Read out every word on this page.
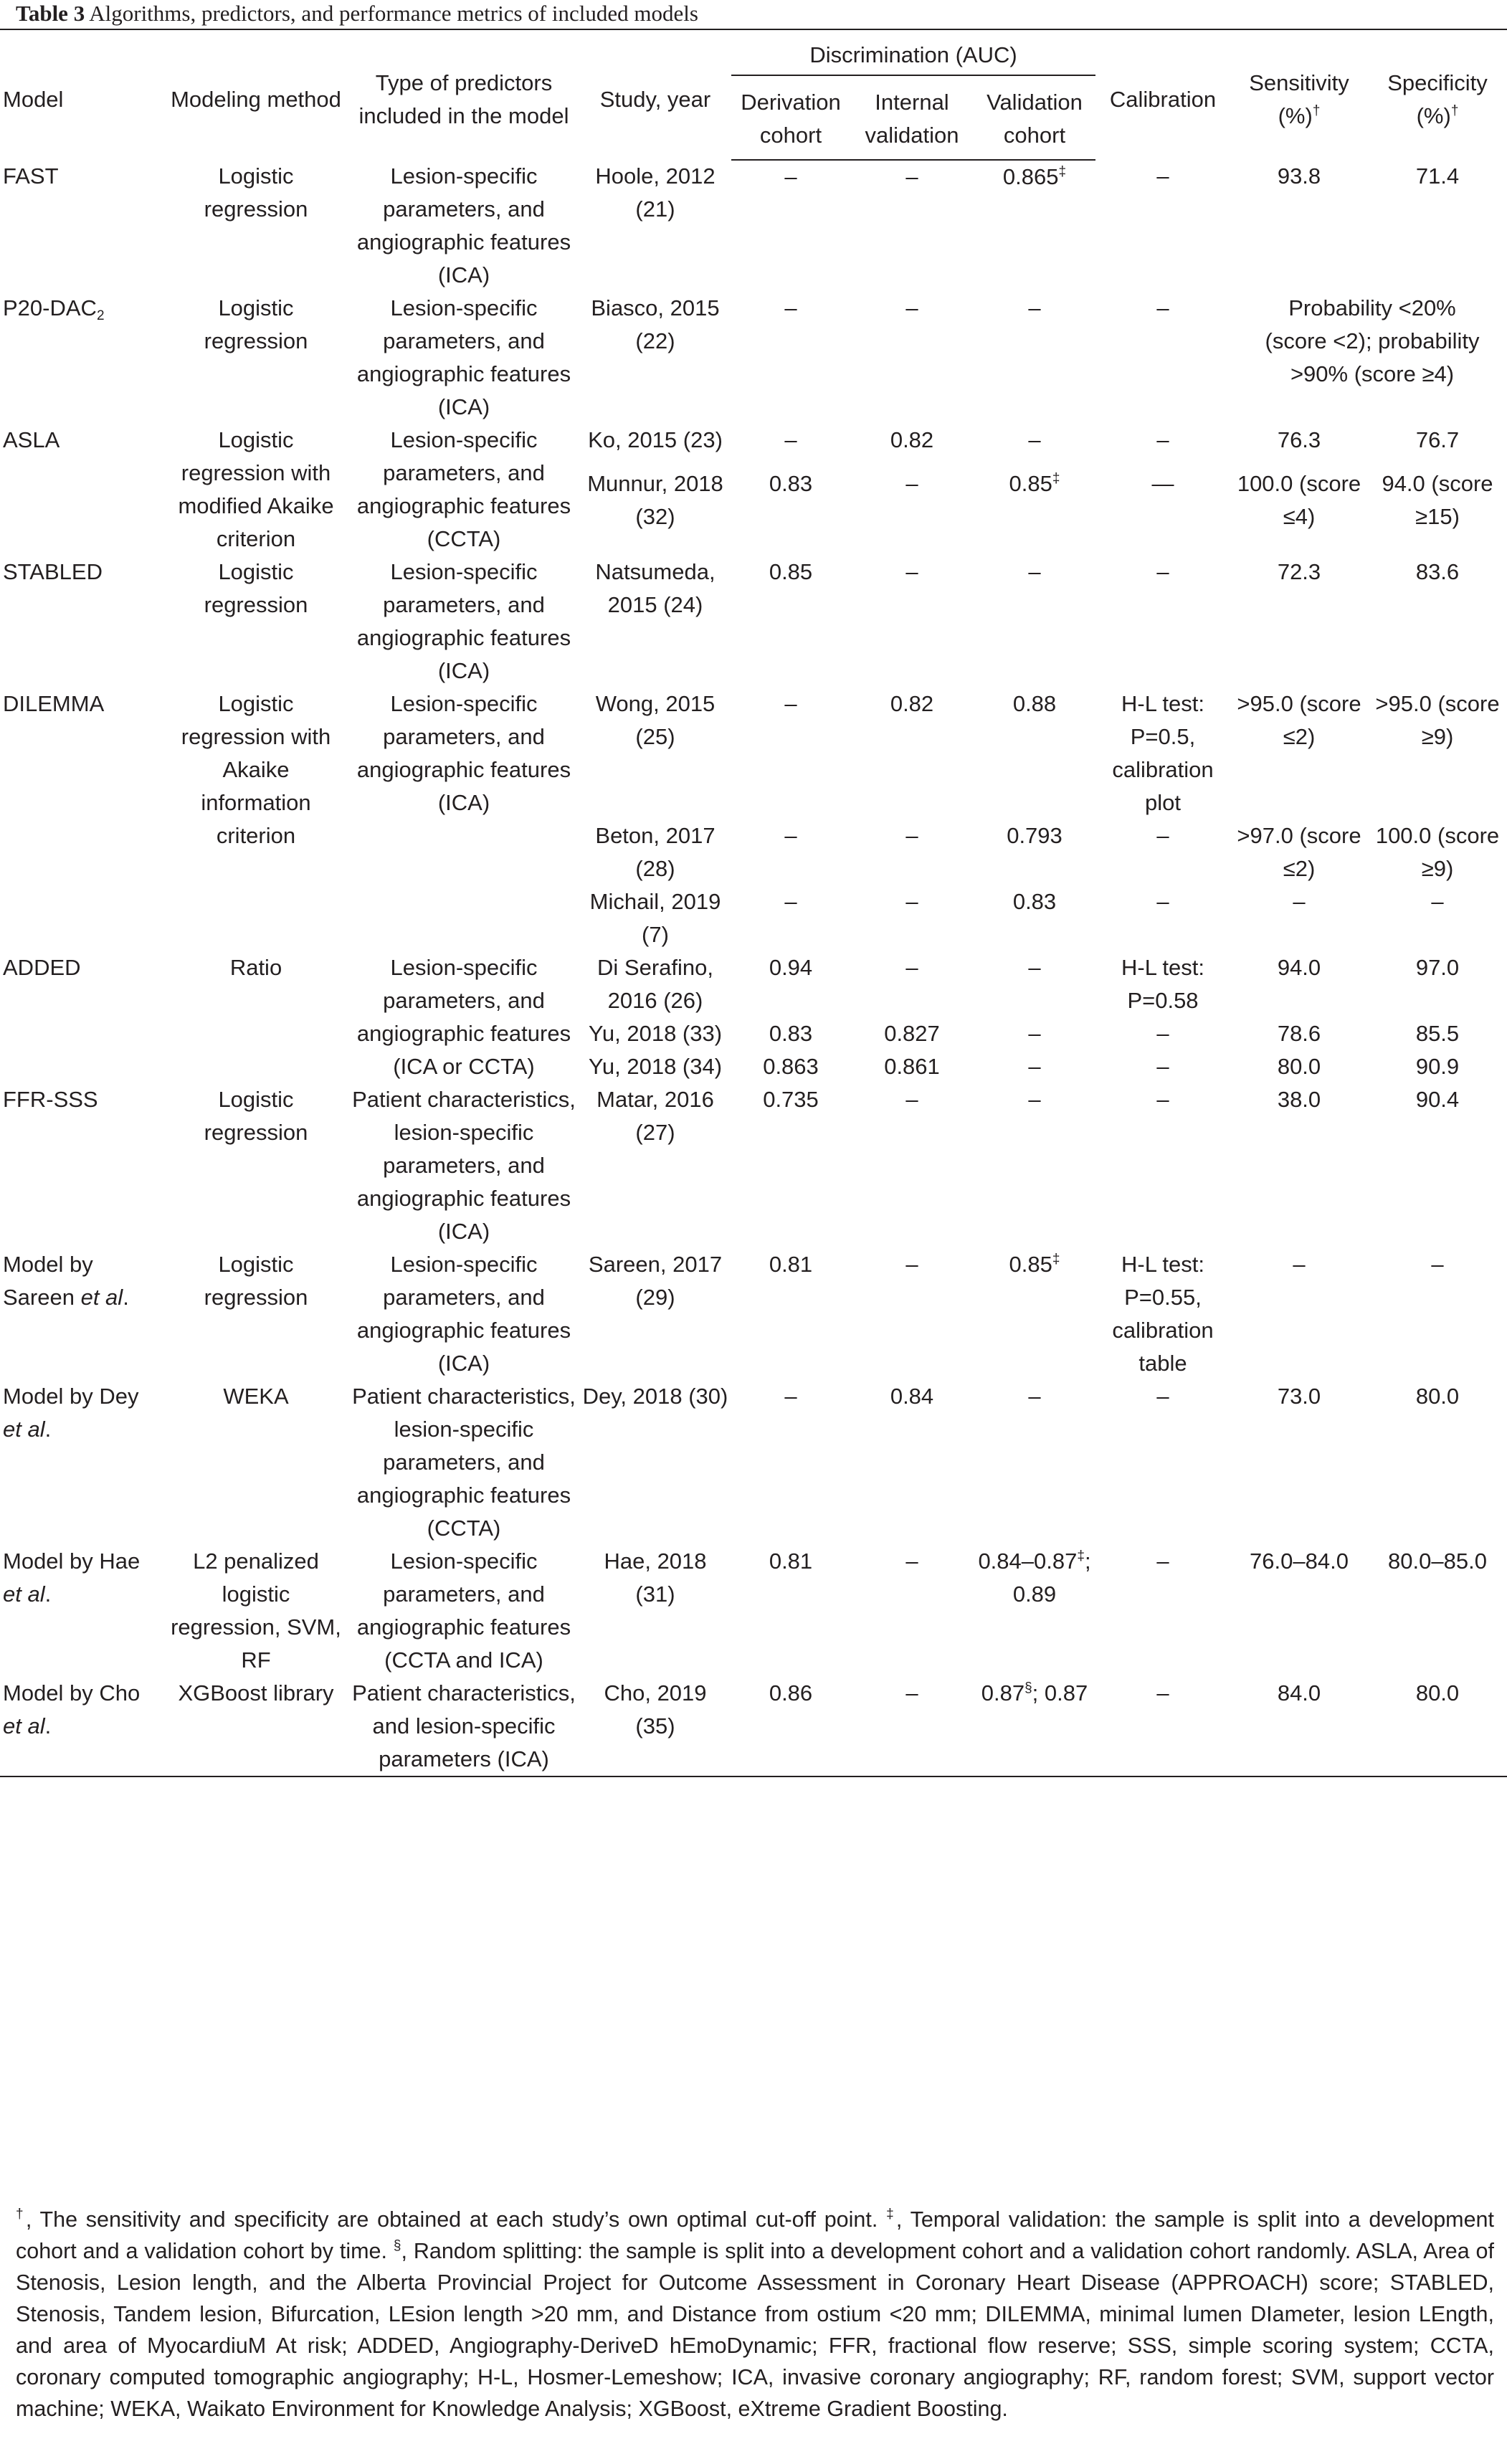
Table 3 Algorithms, predictors, and performance metrics of included models
Model	Modeling method	Type of predictors included in the model	Study, year	Discrimination (AUC)			Calibration	Sensitivity (%)†	Specificity (%)†
				Derivation cohort	Internal validation	Validation cohort			
FAST	Logistic regression	Lesion-specific parameters, and angiographic features (ICA)	Hoole, 2012 (21)	–	–	0.865‡	–	93.8	71.4
$P20-DAC_2$	Logistic regression	Lesion-specific parameters, and angiographic features (ICA)	Biasco, 2015 (22)	–	–	–	–	Probability <20% (score <2); probability >90% (score ≥4)	
ASLA	Logistic regression with modified Akaike criterion	Lesion-specific parameters, and angiographic features (CCTA)	Ko, 2015 (23)	–	0.82	–	–	76.3	76.7
			Munnur, 2018 (32)	0.83	–	0.85‡	—	100.0 (score ≤4)	94.0 (score ≥15)
STABLED	Logistic regression	Lesion-specific parameters, and angiographic features (ICA)	Natsumeda, 2015 (24)	0.85	–	–	–	72.3	83.6
DILEMMA	Logistic regression with Akaike information criterion	Lesion-specific parameters, and angiographic features (ICA)	Wong, 2015 (25)	–	0.82	0.88	H-L test: P=0.5, calibration plot	>95.0 (score ≤2)	>95.0 (score ≥9)
			Beton, 2017 (28)	–	–	0.793	–	>97.0 (score ≤2)	100.0 (score ≥9)
			Michail, 2019 (7)	–	–	0.83	–	–	–
ADDED	Ratio	Lesion-specific parameters, and angiographic features (ICA or CCTA)	Di Serafino, 2016 (26)	0.94	–	–	H-L test: P=0.58	94.0	97.0
			Yu, 2018 (33)	0.83	0.827	–	–	78.6	85.5
			Yu, 2018 (34)	0.863	0.861	–	–	80.0	90.9
FFR-SSS	Logistic regression	Patient characteristics, lesion-specific parameters, and angiographic features (ICA)	Matar, 2016 (27)	0.735	–	–	–	38.0	90.4
Model by Sareen et al.	Logistic regression	Lesion-specific parameters, and angiographic features (ICA)	Sareen, 2017 (29)	0.81	–	0.85‡	H-L test: P=0.55, calibration table	–	–
Model by Dey et al.	WEKA	Patient characteristics, lesion-specific parameters, and angiographic features (CCTA)	Dey, 2018 (30)	–	0.84	–	–	73.0	80.0
Model by Hae et al.	L2 penalized logistic regression, SVM, RF	Lesion-specific parameters, and angiographic features (CCTA and ICA)	Hae, 2018 (31)	0.81	–	0.84–0.87‡; 0.89	–	76.0–84.0	80.0–85.0
Model by Cho et al.	XGBoost library	Patient characteristics, and lesion-specific parameters (ICA)	Cho, 2019 (35)	0.86	–	0.87§; 0.87	–	84.0	80.0
†, The sensitivity and specificity are obtained at each study’s own optimal cut-off point. ‡, Temporal validation: the sample is split into a development cohort and a validation cohort by time. §, Random splitting: the sample is split into a development cohort and a validation cohort randomly. ASLA, Area of Stenosis, Lesion length, and the Alberta Provincial Project for Outcome Assessment in Coronary Heart Disease (APPROACH) score; STABLED, Stenosis, Tandem lesion, Bifurcation, LEsion length >20 mm, and Distance from ostium <20 mm; DILEMMA, minimal lumen DIameter, lesion LEngth, and area of MyocardiuM At risk; ADDED, Angiography-DeriveD hEmoDynamic; FFR, fractional flow reserve; SSS, simple scoring system; CCTA, coronary computed tomographic angiography; H-L, Hosmer-Lemeshow; ICA, invasive coronary angiography; RF, random forest; SVM, support vector machine; WEKA, Waikato Environment for Knowledge Analysis; XGBoost, eXtreme Gradient Boosting.
